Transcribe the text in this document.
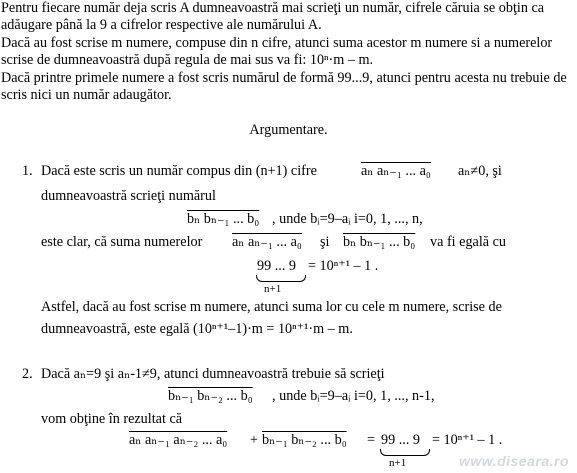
Pentru fiecare număr deja scris A dumneavoastră mai scrieţi un număr, cifrele căruia se obţin ca adăugare până la 9 a cifrelor respective ale numărului A.

Dacă au fost scrise m numere, compuse din n cifre, atunci suma acestor m numere si a numerelor scrise de dumneavoastră după regula de mai sus va fi: 10ⁿ·m – m.

Dacă printre primele numere a fost scris numărul de formă 99...9, atunci pentru acesta nu trebuie de scris nici un număr adaugător.

Argumentare.
1. Dacă este scris un număr compus din (n+1) cifre	aₙ aₙ₋₁ ... a₀ aₙ≠0, şi
dumneavoastră scrieţi numărul
bₙ bₙ₋₁ ... b₀ , unde bᵢ=9–aᵢ i=0, 1, ..., n,
este clar, că suma numerelor aₙ aₙ₋₁ ... a₀ şi bₙ bₙ₋₁ ... b₀ va fi egală cu
99 ... 9 = 10ⁿ⁺¹ – 1 .
n+1
Astfel, dacă au fost scrise m numere, atunci suma lor cu cele m numere, scrise de
dumneavoastră, este egală (10ⁿ⁺¹–1)·m = 10ⁿ⁺¹·m – m.
2. Dacă aₙ=9 şi aₙ-1≠9, atunci dumneavoastră trebuie să scrieţi
bₙ₋₁ bₙ₋₂ ... b₀ , unde bᵢ=9–aᵢ i=0, 1, ..., n-1,
vom obţine în rezultat că
aₙ aₙ₋₁ aₙ₋₂ ... a₀ + bₙ₋₁ bₙ₋₂ ... b₀ = 99 ... 9 = 10ⁿ⁺¹ – 1 .
n+1	www.diseara.ro
